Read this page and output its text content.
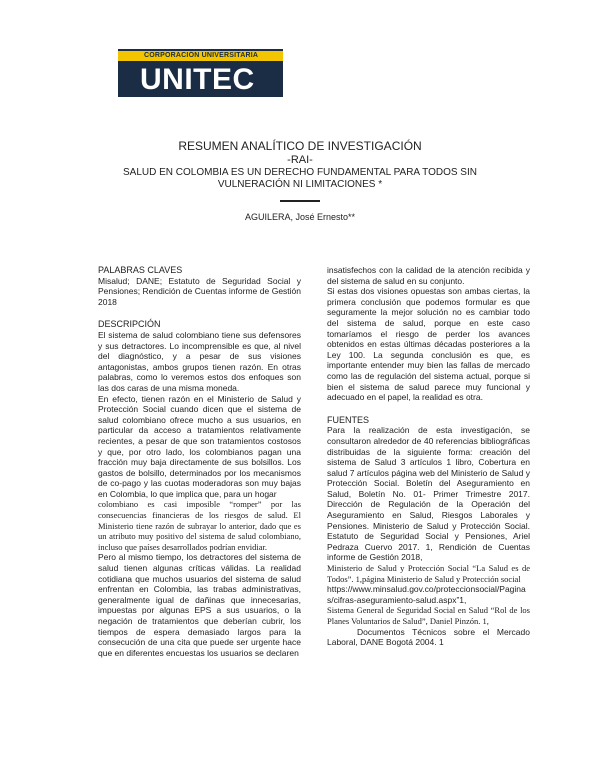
CORPORACIÓN UNIVERSITARIA
UNITEC
RESUMEN ANALÍTICO DE INVESTIGACIÓN
-RAI-
SALUD EN COLOMBIA ES UN DERECHO FUNDAMENTAL PARA TODOS SIN
VULNERACIÓN NI LIMITACIONES *
AGUILERA, José Ernesto**

PALABRAS CLAVES

Misalud; DANE; Estatuto de Seguridad Social y Pensiones; Rendición de Cuentas informe de Gestión 2018

DESCRIPCIÓN

El sistema de salud colombiano tiene sus defensores y sus detractores. Lo incomprensible es que, al nivel del diagnóstico, y a pesar de sus visiones antagonistas, ambos grupos tienen razón. En otras palabras, como lo veremos estos dos enfoques son las dos caras de una misma moneda.

En efecto, tienen razón en el Ministerio de Salud y Protección Social cuando dicen que el sistema de salud colombiano ofrece mucho a sus usuarios, en particular da acceso a tratamientos relativamente recientes, a pesar de que son tratamientos costosos y que, por otro lado, los colombianos pagan una fracción muy baja directamente de sus bolsillos. Los gastos de bolsillo, determinados por los mecanismos de co-pago y las cuotas moderadoras son muy bajas en Colombia, lo que implica que, para un hogar

colombiano es casi imposible “romper” por las consecuencias financieras de los riesgos de salud. El Ministerio tiene razón de subrayar lo anterior, dado que es un atributo muy positivo del sistema de salud colombiano, incluso que países desarrollados podrían envidiar.

Pero al mismo tiempo, los detractores del sistema de salud tienen algunas críticas válidas. La realidad cotidiana que muchos usuarios del sistema de salud enfrentan en Colombia, las trabas administrativas, generalmente igual de dañinas que innecesarias, impuestas por algunas EPS a sus usuarios, o la negación de tratamientos que deberían cubrir, los tiempos de espera demasiado largos para la consecución de una cita que puede ser urgente hace que en diferentes encuestas los usuarios se declaren

insatisfechos con la calidad de la atención recibida y del sistema de salud en su conjunto.

Si estas dos visiones opuestas son ambas ciertas, la primera conclusión que podemos formular es que seguramente la mejor solución no es cambiar todo del sistema de salud, porque en este caso tomaríamos el riesgo de perder los avances obtenidos en estas últimas décadas posteriores a la Ley 100. La segunda conclusión es que, es importante entender muy bien las fallas de mercado como las de regulación del sistema actual, porque si bien el sistema de salud parece muy funcional y adecuado en el papel, la realidad es otra.

FUENTES

Para la realización de esta investigación, se consultaron alrededor de 40 referencias bibliográficas distribuidas de la siguiente forma: creación del sistema de Salud 3 artículos 1 libro, Cobertura en salud 7 artículos página web del Ministerio de Salud y Protección Social. Boletín del Aseguramiento en Salud, Boletín No. 01- Primer Trimestre 2017. Dirección de Regulación de la Operación del Aseguramiento en Salud, Riesgos Laborales y Pensiones. Ministerio de Salud y Protección Social. Estatuto de Seguridad Social y Pensiones, Ariel Pedraza Cuervo 2017. 1, Rendición de Cuentas informe de Gestión 2018,

Ministerio de Salud y Protección Social “La Salud es de Todos”. 1,página Ministerio de Salud y Protección social

https://www.minsalud.gov.co/proteccionsocial/Paginas/cifras-aseguramiento-salud.aspx”1,

Sistema General de Seguridad Social en Salud “Rol de los Planes Voluntarios de Salud”, Daniel Pinzón. 1,

Documentos Técnicos sobre el Mercado Laboral, DANE Bogotá 2004. 1
